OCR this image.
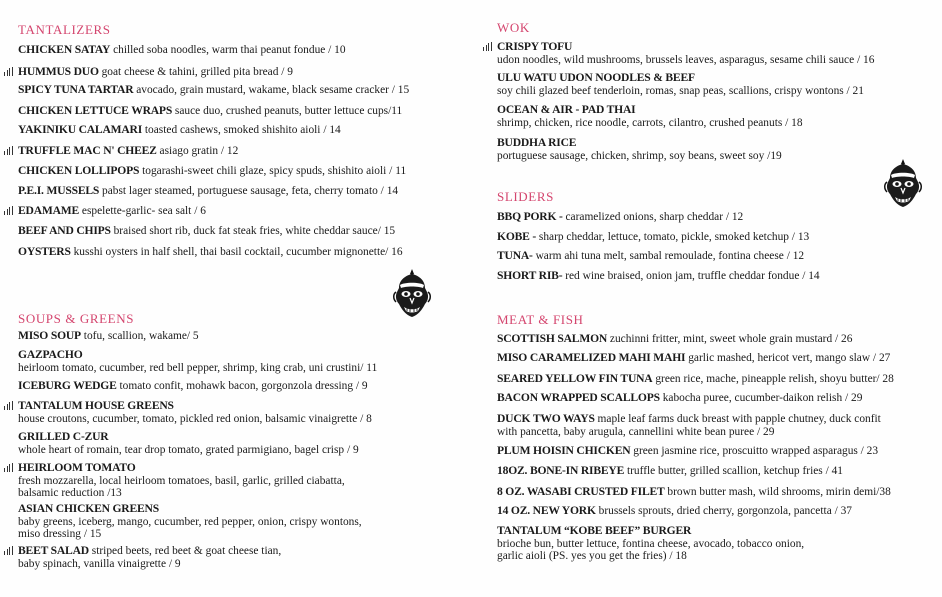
TANTALIZERS
CHICKEN SATAY chilled soba noodles, warm thai peanut fondue / 10
HUMMUS DUO goat cheese & tahini, grilled pita bread / 9
SPICY TUNA TARTAR avocado, grain mustard, wakame, black sesame cracker / 15
CHICKEN LETTUCE WRAPS sauce duo, crushed peanuts, butter lettuce cups/11
YAKINIKU CALAMARI toasted cashews, smoked shishito aioli / 14
TRUFFLE MAC N' CHEEZ asiago gratin / 12
CHICKEN LOLLIPOPS togarashi-sweet chili glaze, spicy spuds, shishito aioli / 11
P.E.I. MUSSELS pabst lager steamed, portuguese sausage, feta, cherry tomato / 14
EDAMAME espelette-garlic- sea salt / 6
BEEF AND CHIPS braised short rib, duck fat steak fries, white cheddar sauce/ 15
OYSTERS kusshi oysters in half shell, thai basil cocktail, cucumber mignonette/ 16
SOUPS & GREENS
MISO SOUP tofu, scallion, wakame/ 5
GAZPACHO
heirloom tomato, cucumber, red bell pepper, shrimp, king crab, uni crustini/ 11
ICEBURG WEDGE tomato confit, mohawk bacon, gorgonzola dressing / 9
TANTALUM HOUSE GREENS
house croutons, cucumber, tomato, pickled red onion, balsamic vinaigrette / 8
GRILLED C-ZUR
whole heart of romain, tear drop tomato, grated parmigiano, bagel crisp / 9
HEIRLOOM TOMATO
fresh mozzarella, local heirloom tomatoes, basil, garlic, grilled ciabatta,
balsamic reduction /13
ASIAN CHICKEN GREENS
baby greens, iceberg, mango, cucumber, red pepper, onion, crispy wontons,
miso dressing / 15
BEET SALAD striped beets, red beet & goat cheese tian,
baby spinach, vanilla vinaigrette / 9
WOK
CRISPY TOFU
udon noodles, wild mushrooms, brussels leaves, asparagus, sesame chili sauce / 16
ULU WATU UDON NOODLES & BEEF
soy chili glazed beef tenderloin, romas, snap peas, scallions, crispy wontons / 21
OCEAN & AIR - PAD THAI
shrimp, chicken, rice noodle, carrots, cilantro, crushed peanuts / 18
BUDDHA RICE
portuguese sausage, chicken, shrimp, soy beans, sweet soy /19
SLIDERS
BBQ PORK - caramelized onions, sharp cheddar / 12
KOBE - sharp cheddar, lettuce, tomato, pickle, smoked ketchup / 13
TUNA- warm ahi tuna melt, sambal remoulade, fontina cheese / 12
SHORT RIB- red wine braised, onion jam, truffle cheddar fondue / 14
MEAT & FISH
SCOTTISH SALMON zuchinni fritter, mint, sweet whole grain mustard / 26
MISO CARAMELIZED MAHI MAHI garlic mashed, hericot vert, mango slaw / 27
SEARED YELLOW FIN TUNA green rice, mache, pineapple relish, shoyu butter/ 28
BACON WRAPPED SCALLOPS kabocha puree, cucumber-daikon relish / 29
DUCK TWO WAYS maple leaf farms duck breast with papple chutney, duck confit
with pancetta, baby arugula, cannellini white bean puree / 29
PLUM HOISIN CHICKEN green jasmine rice, proscuitto wrapped asparagus / 23
18OZ. BONE-IN RIBEYE truffle butter, grilled scallion, ketchup fries / 41
8 OZ. WASABI CRUSTED FILET brown butter mash, wild shrooms, mirin demi/38
14 OZ. NEW YORK brussels sprouts, dried cherry, gorgonzola, pancetta / 37
TANTALUM “KOBE BEEF” BURGER
brioche bun, butter lettuce, fontina cheese, avocado, tobacco onion,
garlic aioli (PS. yes you get the fries) / 18
